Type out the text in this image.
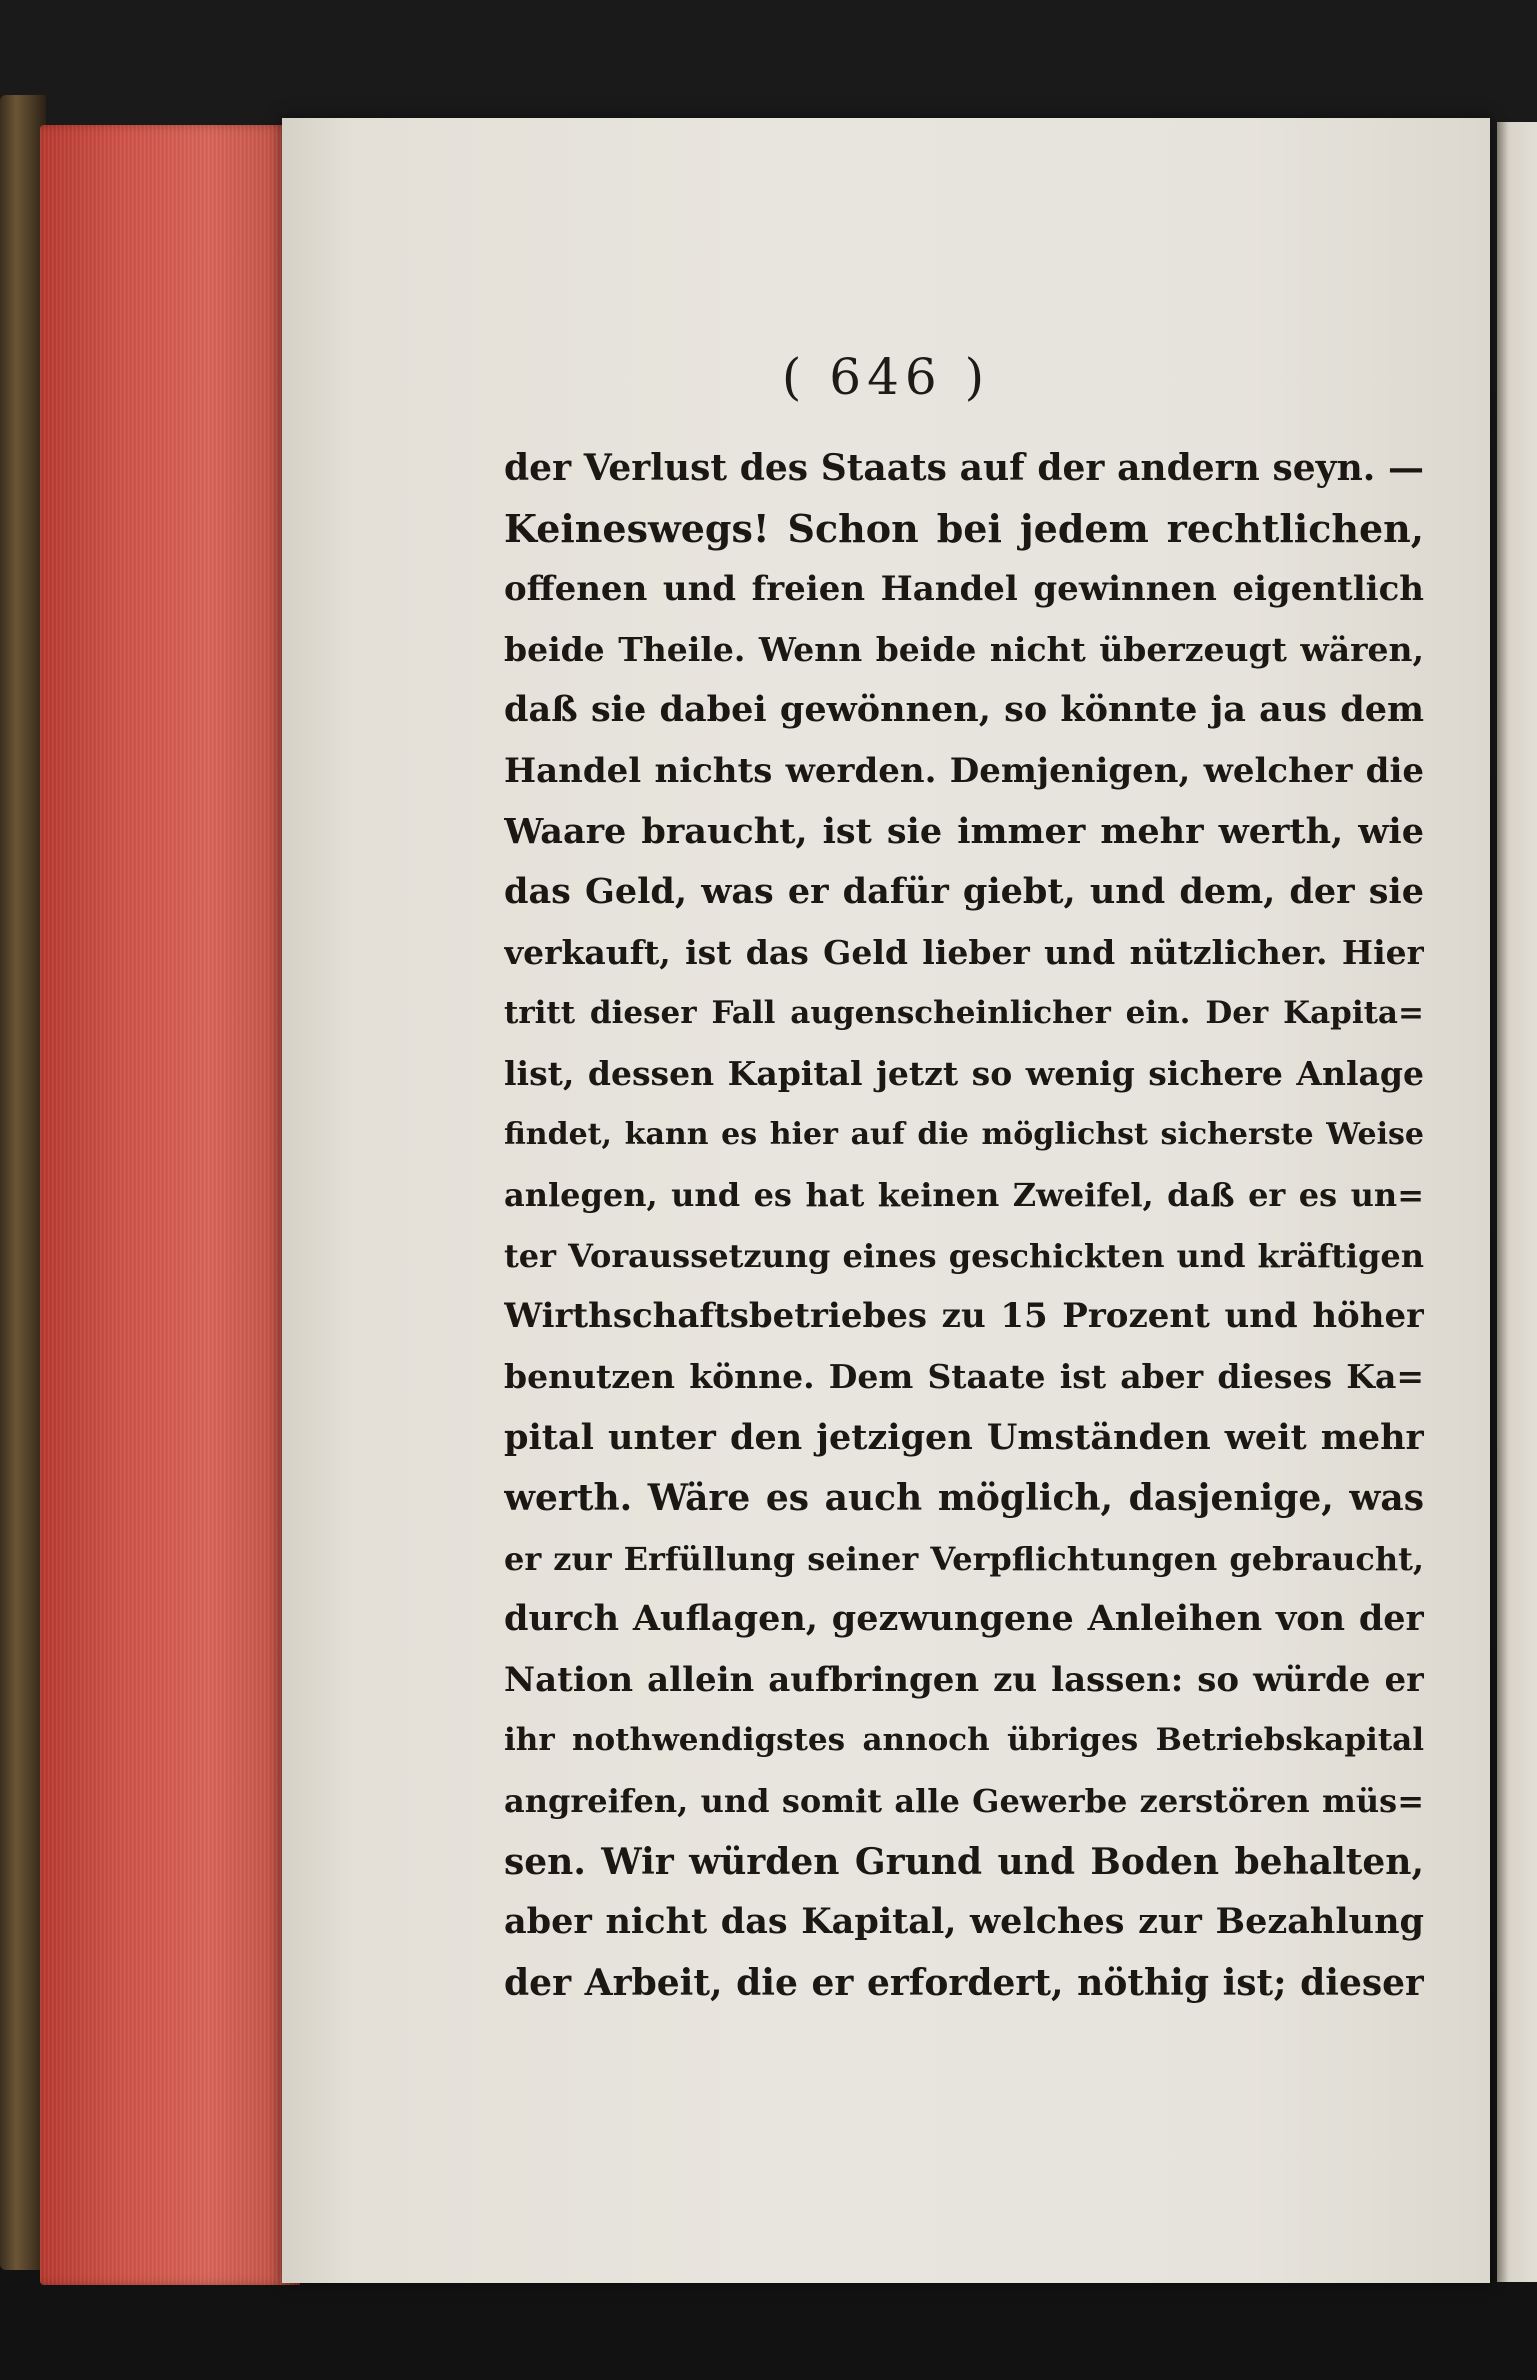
( 646 )
der Verlust des Staats auf der andern seyn. —
Keineswegs! Schon bei jedem rechtlichen,
offenen und freien Handel gewinnen eigentlich
beide Theile. Wenn beide nicht überzeugt wären,
daß sie dabei gewönnen, so könnte ja aus dem
Handel nichts werden. Demjenigen, welcher die
Waare braucht, ist sie immer mehr werth, wie
das Geld, was er dafür giebt, und dem, der sie
verkauft, ist das Geld lieber und nützlicher. Hier
tritt dieser Fall augenscheinlicher ein. Der Kapita=
list, dessen Kapital jetzt so wenig sichere Anlage
findet, kann es hier auf die möglichst sicherste Weise
anlegen, und es hat keinen Zweifel, daß er es un=
ter Voraussetzung eines geschickten und kräftigen
Wirthschaftsbetriebes zu 15 Prozent und höher
benutzen könne. Dem Staate ist aber dieses Ka=
pital unter den jetzigen Umständen weit mehr
werth. Wäre es auch möglich, dasjenige, was
er zur Erfüllung seiner Verpflichtungen gebraucht,
durch Auflagen, gezwungene Anleihen von der
Nation allein aufbringen zu lassen: so würde er
ihr nothwendigstes annoch übriges Betriebskapital
angreifen, und somit alle Gewerbe zerstören müs=
sen. Wir würden Grund und Boden behalten,
aber nicht das Kapital, welches zur Bezahlung
der Arbeit, die er erfordert, nöthig ist; dieser
